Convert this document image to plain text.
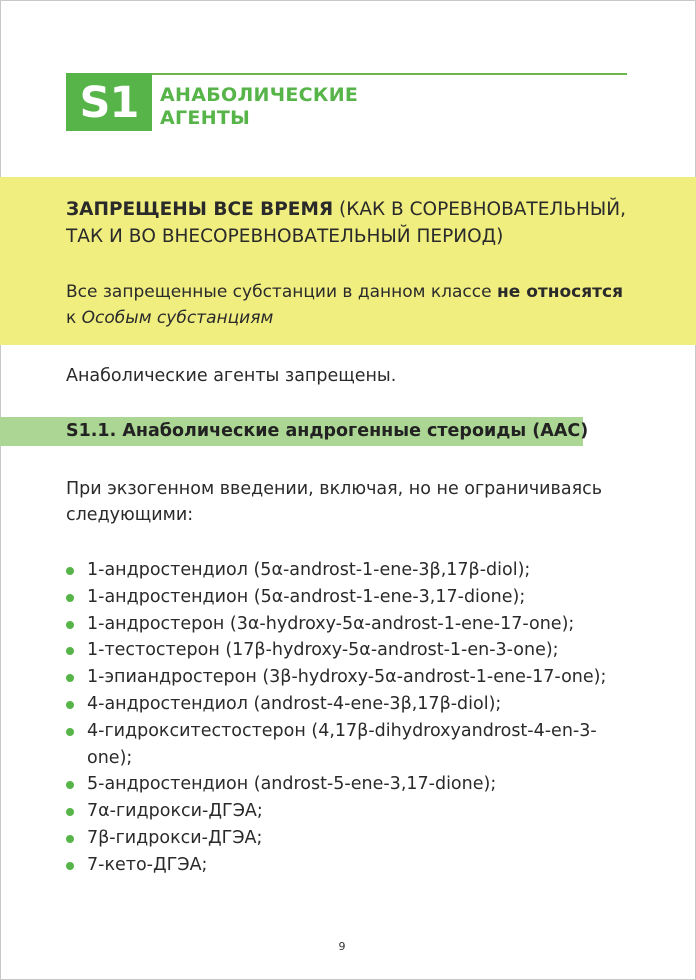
S1	АНАБОЛИЧЕСКИЕ
АГЕНТЫ
ЗАПРЕЩЕНЫ ВСЕ ВРЕМЯ (КАК В СОРЕВНОВАТЕЛЬНЫЙ,
ТАК И ВО ВНЕСОРЕВНОВАТЕЛЬНЫЙ ПЕРИОД)
Все запрещенные субстанции в данном классе не относятся
к Особым субстанциям
Анаболические агенты запрещены.
S1.1. Анаболические андрогенные стероиды (ААС)
При экзогенном введении, включая, но не ограничиваясь следующими:
1-андростендиол (5α-androst-1-ene-3β,17β-diol);
1-андростендион (5α-androst-1-ene-3,17-dione);
1-андростерон (3α-hydroxy-5α-androst-1-ene-17-one);
1-тестостерон (17β-hydroxy-5α-androst-1-en-3-one);
1-эпиандростерон (3β-hydroxy-5α-androst-1-ene-17-one);
4-андростендиол (androst-4-ene-3β,17β-diol);
4-гидрокситестостерон (4,17β-dihydroxyandrost-4-en-3-one);
5-андростендион (androst-5-ene-3,17-dione);
7α-гидрокси-ДГЭА;
7β-гидрокси-ДГЭА;
7-кето-ДГЭА;
9
